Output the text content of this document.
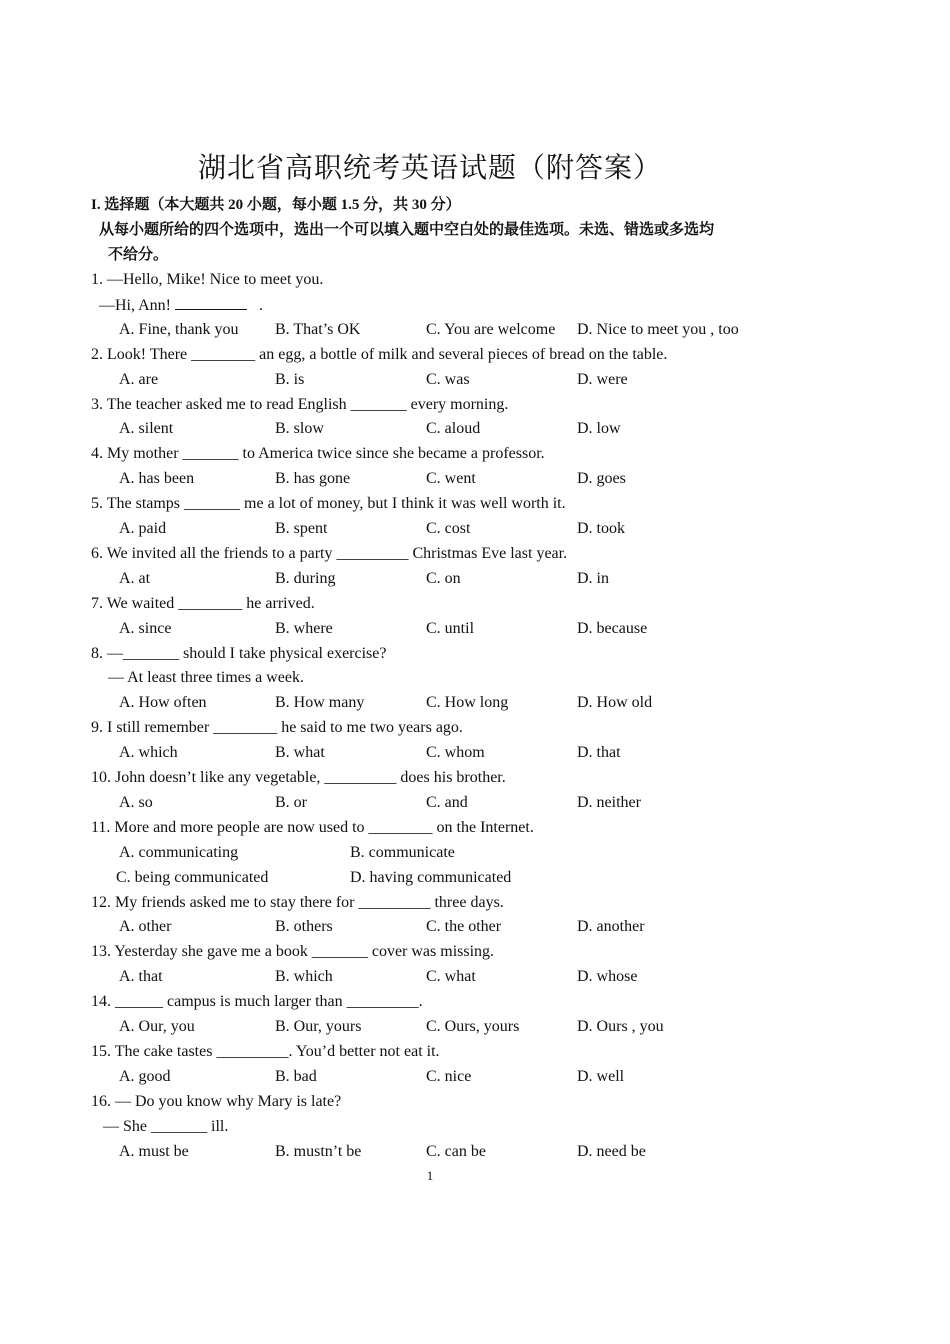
湖北省高职统考英语试题（附答案）
I. 选择题（本大题共 20 小题，每小题 1.5 分，共 30 分）
从每小题所给的四个选项中，选出一个可以填入题中空白处的最佳选项。未选、错选或多选均
不给分。
1. —Hello, Mike! Nice to meet you.
—Hi, Ann!	.
A. Fine, thank you B. That’s OK	C. You are welcome D. Nice to meet you , too
2. Look! There ________ an egg, a bottle of milk and several pieces of bread on the table.
A. are	B. is	C. was	D. were
3. The teacher asked me to read English _______ every morning.
A. silent	B. slow	C. aloud	D. low
4. My mother _______ to America twice since she became a professor.
A. has been	B. has gone	C. went	D. goes
5. The stamps _______ me a lot of money, but I think it was well worth it.
A. paid	B. spent	C. cost	D. took
6. We invited all the friends to a party _________ Christmas Eve last year.
A. at	B. during	C. on	D. in
7. We waited ________ he arrived.
A. since	B. where	C. until	D. because
8. —_______ should I take physical exercise?
— At least three times a week.
A. How often	B. How many	C. How long	D. How old
9. I still remember ________ he said to me two years ago.
A. which	B. what	C. whom	D. that
10. John doesn’t like any vegetable, _________ does his brother.
A. so	B. or	C. and	D. neither
11. More and more people are now used to ________ on the Internet.
A. communicating	B. communicate
C. being communicated	D. having communicated
12. My friends asked me to stay there for _________ three days.
A. other	B. others	C. the other	D. another
13. Yesterday she gave me a book _______ cover was missing.
A. that	B. which	C. what	D. whose
14. ______ campus is much larger than _________.
A. Our, you	B. Our, yours	C. Ours, yours	D. Ours , you
15. The cake tastes _________. You’d better not eat it.
A. good	B. bad	C. nice	D. well
16. — Do you know why Mary is late?
— She _______ ill.
A. must be	B. mustn’t be	C. can be	D. need be
1
